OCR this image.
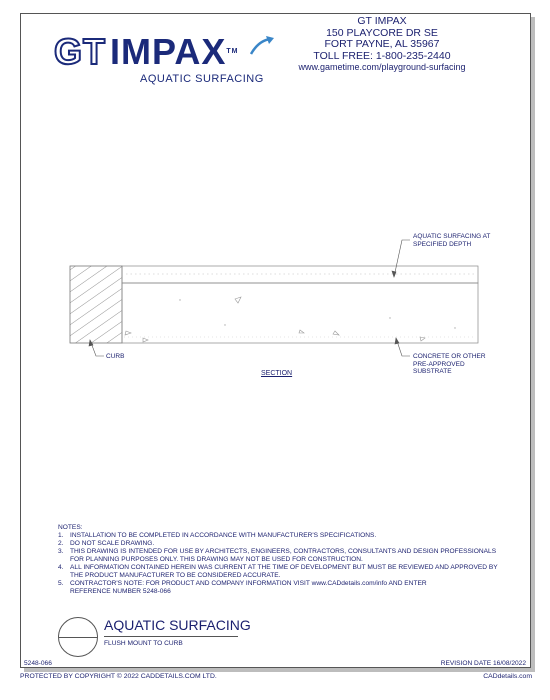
GT IMPAX™
AQUATIC SURFACING
GT IMPAX
150 PLAYCORE DR SE
FORT PAYNE, AL 35967
TOLL FREE: 1-800-235-2440
www.gametime.com/playground-surfacing
AQUATIC SURFACING AT
SPECIFIED DEPTH
CURB	CONCRETE OR OTHER
PRE-APPROVED
SUBSTRATE
SECTION
NOTES:
1. INSTALLATION TO BE COMPLETED IN ACCORDANCE WITH MANUFACTURER'S SPECIFICATIONS.
2. DO NOT SCALE DRAWING.
3. THIS DRAWING IS INTENDED FOR USE BY ARCHITECTS, ENGINEERS, CONTRACTORS, CONSULTANTS AND DESIGN PROFESSIONALS
FOR PLANNING PURPOSES ONLY. THIS DRAWING MAY NOT BE USED FOR CONSTRUCTION.
4. ALL INFORMATION CONTAINED HEREIN WAS CURRENT AT THE TIME OF DEVELOPMENT BUT MUST BE REVIEWED AND APPROVED BY
THE PRODUCT MANUFACTURER TO BE CONSIDERED ACCURATE.
5. CONTRACTOR'S NOTE: FOR PRODUCT AND COMPANY INFORMATION VISIT www.CADdetails.com/info AND ENTER
REFERENCE NUMBER 5248-066
AQUATIC SURFACING
FLUSH MOUNT TO CURB
5248-066	REVISION DATE 16/08/2022
PROTECTED BY COPYRIGHT © 2022 CADDETAILS.COM LTD.	CADdetails.com
